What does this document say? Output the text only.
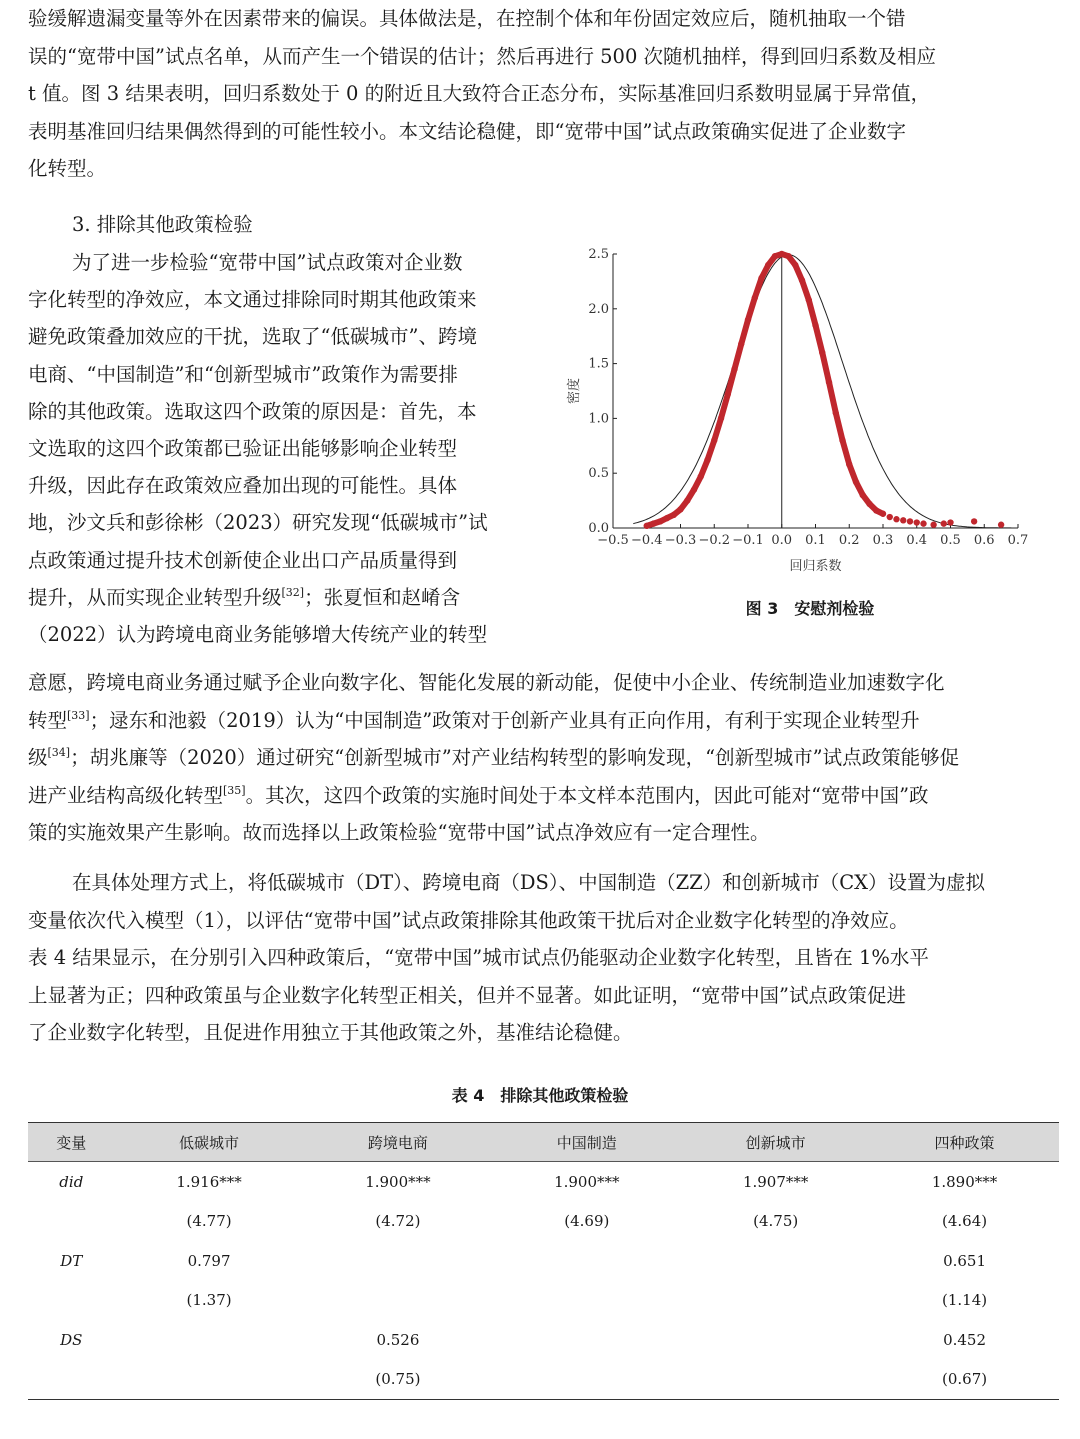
验缓解遗漏变量等外在因素带来的偏误。具体做法是，在控制个体和年份固定效应后，随机抽取一个错
误的“宽带中国”试点名单，从而产生一个错误的估计；然后再进行 500 次随机抽样，得到回归系数及相应
t 值。图 3 结果表明，回归系数处于 0 的附近且大致符合正态分布，实际基准回归系数明显属于异常值，
表明基准回归结果偶然得到的可能性较小。本文结论稳健，即“宽带中国”试点政策确实促进了企业数字
化转型。
3. 排除其他政策检验
为了进一步检验“宽带中国”试点政策对企业数
字化转型的净效应，本文通过排除同时期其他政策来
避免政策叠加效应的干扰，选取了“低碳城市”、跨境
电商、“中国制造”和“创新型城市”政策作为需要排
除的其他政策。选取这四个政策的原因是：首先，本
文选取的这四个政策都已验证出能够影响企业转型
升级，因此存在政策效应叠加出现的可能性。具体
地，沙文兵和彭徐彬（2023）研究发现“低碳城市”试
点政策通过提升技术创新使企业出口产品质量得到
提升，从而实现企业转型升级[32]；张夏恒和赵崤含
（2022）认为跨境电商业务能够增大传统产业的转型
0.0
0.5
1.0
1.5
2.0
2.5
−0.5 −0.4 −0.3 −0.2 −0.1 0.0 0.1 0.2 0.3 0.4 0.5 0.6 0.7
回归系数
密度
图 3　安慰剂检验
意愿，跨境电商业务通过赋予企业向数字化、智能化发展的新动能，促使中小企业、传统制造业加速数字化
转型[33]；逯东和池毅（2019）认为“中国制造”政策对于创新产业具有正向作用，有利于实现企业转型升
级[34]；胡兆廉等（2020）通过研究“创新型城市”对产业结构转型的影响发现，“创新型城市”试点政策能够促
进产业结构高级化转型[35]。其次，这四个政策的实施时间处于本文样本范围内，因此可能对“宽带中国”政
策的实施效果产生影响。故而选择以上政策检验“宽带中国”试点净效应有一定合理性。
在具体处理方式上，将低碳城市（DT）、跨境电商（DS）、中国制造（ZZ）和创新城市（CX）设置为虚拟
变量依次代入模型（1），以评估“宽带中国”试点政策排除其他政策干扰后对企业数字化转型的净效应。
表 4 结果显示，在分别引入四种政策后，“宽带中国”城市试点仍能驱动企业数字化转型，且皆在 1%水平
上显著为正；四种政策虽与企业数字化转型正相关，但并不显著。如此证明，“宽带中国”试点政策促进
了企业数字化转型，且促进作用独立于其他政策之外，基准结论稳健。
表 4　排除其他政策检验
变量	低碳城市	跨境电商	中国制造	创新城市	四种政策
did	1.916***	1.900***	1.900***	1.907***	1.890***
	(4.77)	(4.72)	(4.69)	(4.75)	(4.64)
DT	0.797				0.651
	(1.37)				(1.14)
DS		0.526			0.452
		(0.75)			(0.67)
